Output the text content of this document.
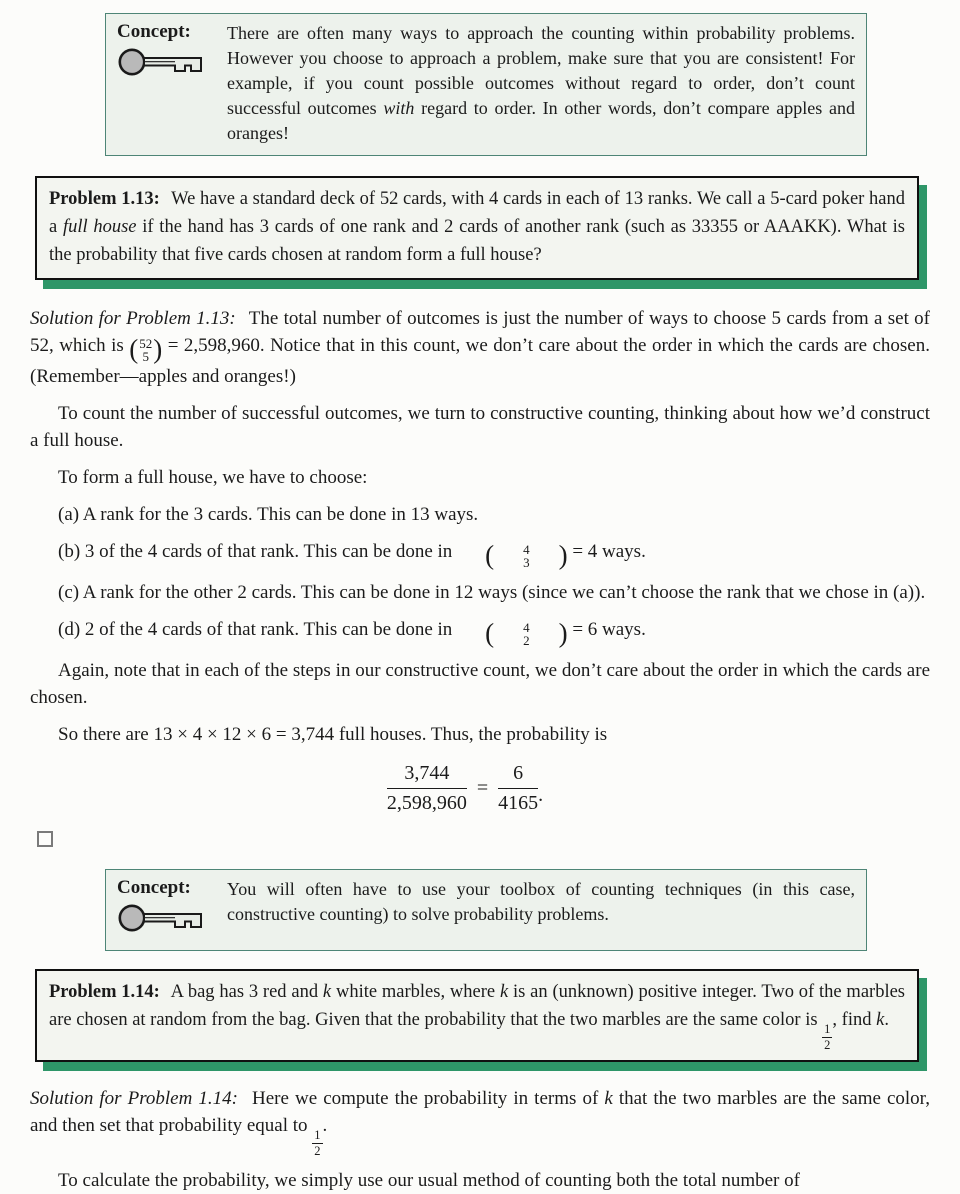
Concept:	There are often many ways to approach the counting within probability problems. However you choose to approach a problem, make sure that you are consistent! For example, if you count possible outcomes without regard to order, don’t count successful outcomes with regard to order. In other words, don’t compare apples and oranges!

Problem 1.13: We have a standard deck of 52 cards, with 4 cards in each of 13 ranks. We call a 5-card poker hand a full house if the hand has 3 cards of one rank and 2 cards of another rank (such as 33355 or AAAKK). What is the probability that five cards chosen at random form a full house?

Solution for Problem 1.13: The total number of outcomes is just the number of ways to choose 5 cards from a set of 52, which is ( 52
5 ) = 2,598,960. Notice that in this count, we don’t care about the order in which the cards are chosen. (Remember—apples and oranges!)

To count the number of successful outcomes, we turn to constructive counting, thinking about how we’d construct a full house.

To form a full house, we have to choose:

(a) A rank for the 3 cards. This can be done in 13 ways.

(b) 3 of the 4 cards of that rank. This can be done in	(	4
3	) = 4 ways.

(c) A rank for the other 2 cards. This can be done in 12 ways (since we can’t choose the rank that we chose in (a)).

(d) 2 of the 4 cards of that rank. This can be done in	(	4
2	) = 6 ways.

Again, note that in each of the steps in our constructive count, we don’t care about the order in which the cards are chosen.

So there are 13 × 4 × 12 × 6 = 3,744 full houses. Thus, the probability is

$\frac{3,744}{2,598,960} = \frac{6}{4165}$ .
Concept:	You will often have to use your toolbox of counting techniques (in this case, constructive counting) to solve probability problems.

Problem 1.14: A bag has 3 red and k white marbles, where k is an (unknown) positive integer. Two of the marbles are chosen at random from the bag. Given that the probability that the two marbles are the same color is
$\frac{1}{2}$
, find k.

Solution for Problem 1.14: Here we compute the probability in terms of k that the two marbles are the same color, and then set that probability equal to
$\frac{1}{2}$
.

To calculate the probability, we simply use our usual method of counting both the total number of
